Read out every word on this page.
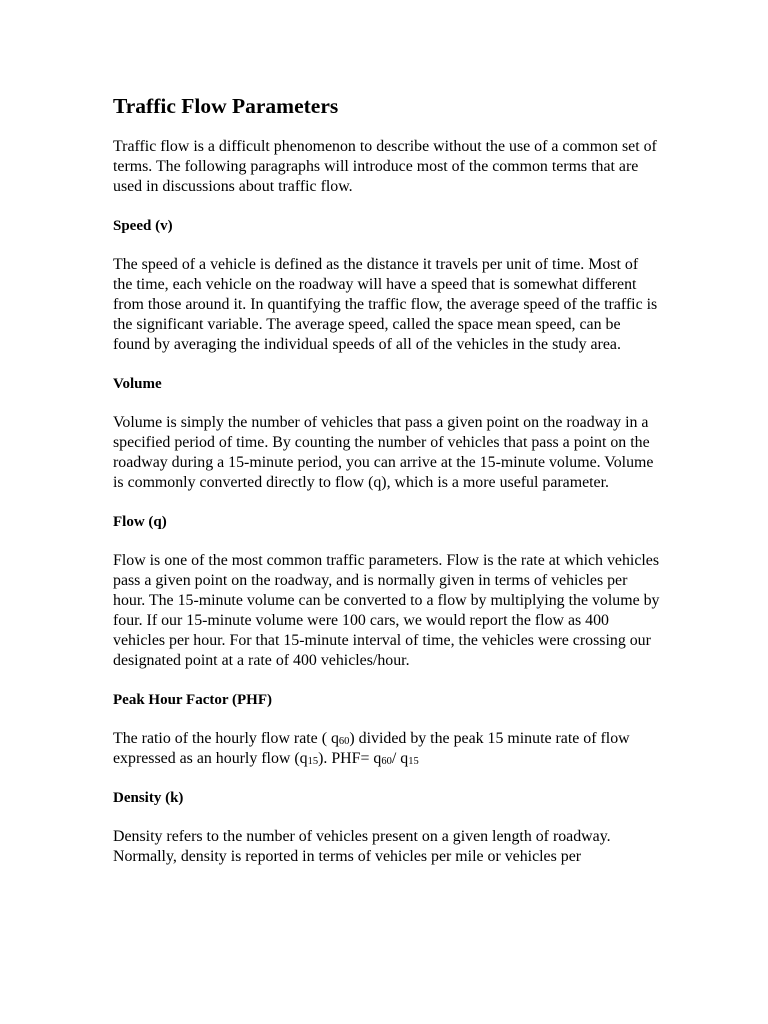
Traffic Flow Parameters

Traffic flow is a difficult phenomenon to describe without the use of a common set of terms. The following paragraphs will introduce most of the common terms that are used in discussions about traffic flow.

Speed (v)

The speed of a vehicle is defined as the distance it travels per unit of time. Most of the time, each vehicle on the roadway will have a speed that is somewhat different from those around it. In quantifying the traffic flow, the average speed of the traffic is the significant variable. The average speed, called the space mean speed, can be found by averaging the individual speeds of all of the vehicles in the study area.

Volume

Volume is simply the number of vehicles that pass a given point on the roadway in a specified period of time. By counting the number of vehicles that pass a point on the roadway during a 15-minute period, you can arrive at the 15-minute volume. Volume is commonly converted directly to flow (q), which is a more useful parameter.

Flow (q)

Flow is one of the most common traffic parameters. Flow is the rate at which vehicles pass a given point on the roadway, and is normally given in terms of vehicles per hour. The 15-minute volume can be converted to a flow by multiplying the volume by four. If our 15-minute volume were 100 cars, we would report the flow as 400 vehicles per hour. For that 15-minute interval of time, the vehicles were crossing our designated point at a rate of 400 vehicles/hour.

Peak Hour Factor (PHF)

The ratio of the hourly flow rate ( $q_{60}$) divided by the peak 15 minute rate of flow expressed as an hourly flow $(q_{15})$. $PHF= q_{60}/$ $q_{15}$

Density (k)

Density refers to the number of vehicles present on a given length of roadway. Normally, density is reported in terms of vehicles per mile or vehicles per
